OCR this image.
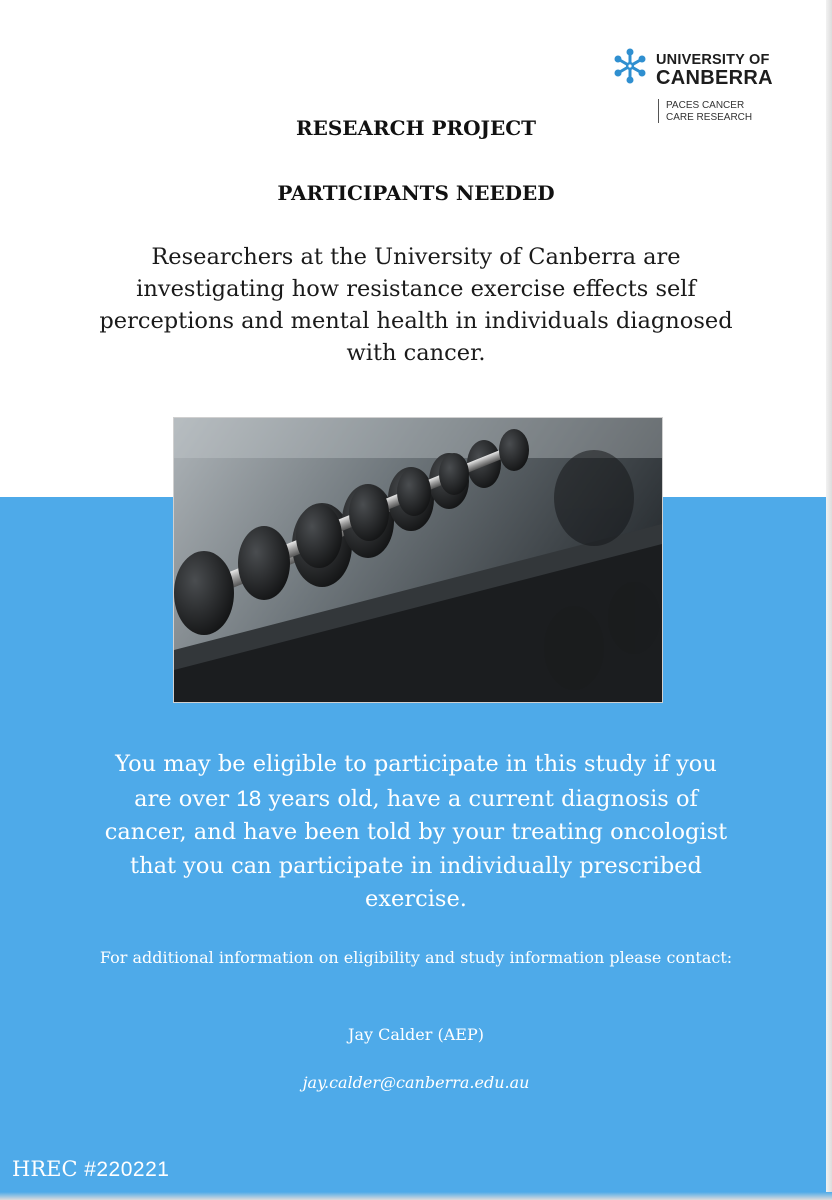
UNIVERSITY OF
CANBERRA
PACES CANCER
CARE RESEARCH

RESEARCH PROJECT

PARTICIPANTS NEEDED

Researchers at the University of Canberra are investigating how resistance exercise effects self perceptions and mental health in individuals diagnosed with cancer.

You may be eligible to participate in this study if you are over 18 years old, have a current diagnosis of cancer, and have been told by your treating oncologist that you can participate in individually prescribed exercise.

For additional information on eligibility and study information please contact:

Jay Calder (AEP)

jay.calder@canberra.edu.au

HREC #220221
